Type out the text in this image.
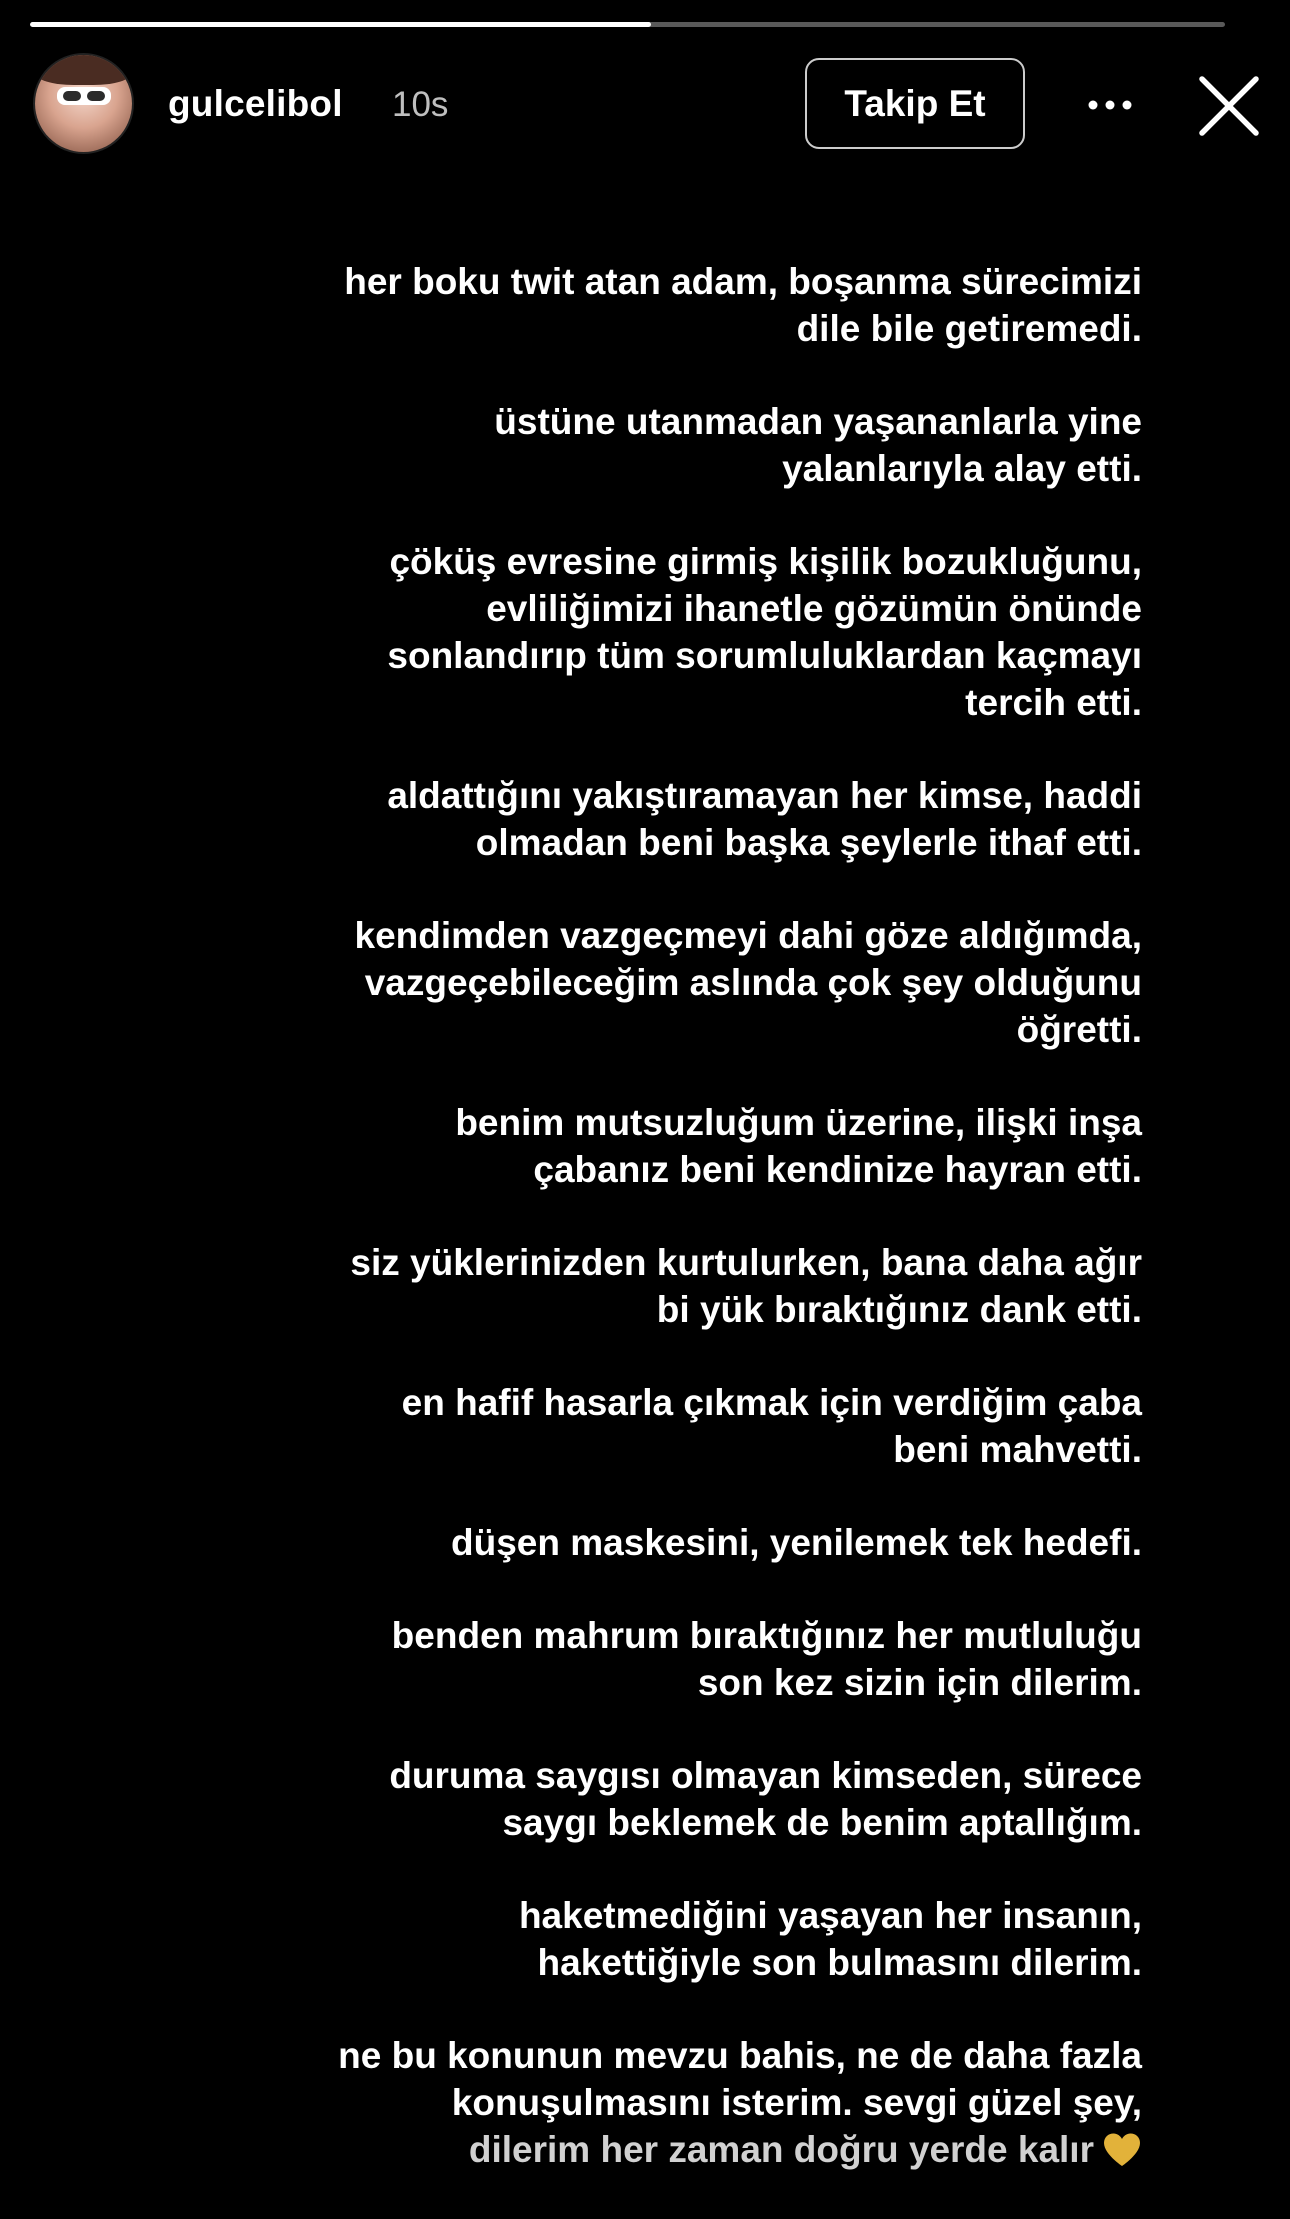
gulcelibol 10s	Takip Et
her boku twit atan adam, boşanma sürecimizi
dile bile getiremedi.
üstüne utanmadan yaşananlarla yine
yalanlarıyla alay etti.
çöküş evresine girmiş kişilik bozukluğunu,
evliliğimizi ihanetle gözümün önünde
sonlandırıp tüm sorumluluklardan kaçmayı
tercih etti.
aldattığını yakıştıramayan her kimse, haddi
olmadan beni başka şeylerle ithaf etti.
kendimden vazgeçmeyi dahi göze aldığımda,
vazgeçebileceğim aslında çok şey olduğunu
öğretti.
benim mutsuzluğum üzerine, ilişki inşa
çabanız beni kendinize hayran etti.
siz yüklerinizden kurtulurken, bana daha ağır
bi yük bıraktığınız dank etti.
en hafif hasarla çıkmak için verdiğim çaba
beni mahvetti.
düşen maskesini, yenilemek tek hedefi.
benden mahrum bıraktığınız her mutluluğu
son kez sizin için dilerim.
duruma saygısı olmayan kimseden, sürece
saygı beklemek de benim aptallığım.
haketmediğini yaşayan her insanın,
hakettiğiyle son bulmasını dilerim.
ne bu konunun mevzu bahis, ne de daha fazla
konuşulmasını isterim. sevgi güzel şey,
dilerim her zaman doğru yerde kalır
